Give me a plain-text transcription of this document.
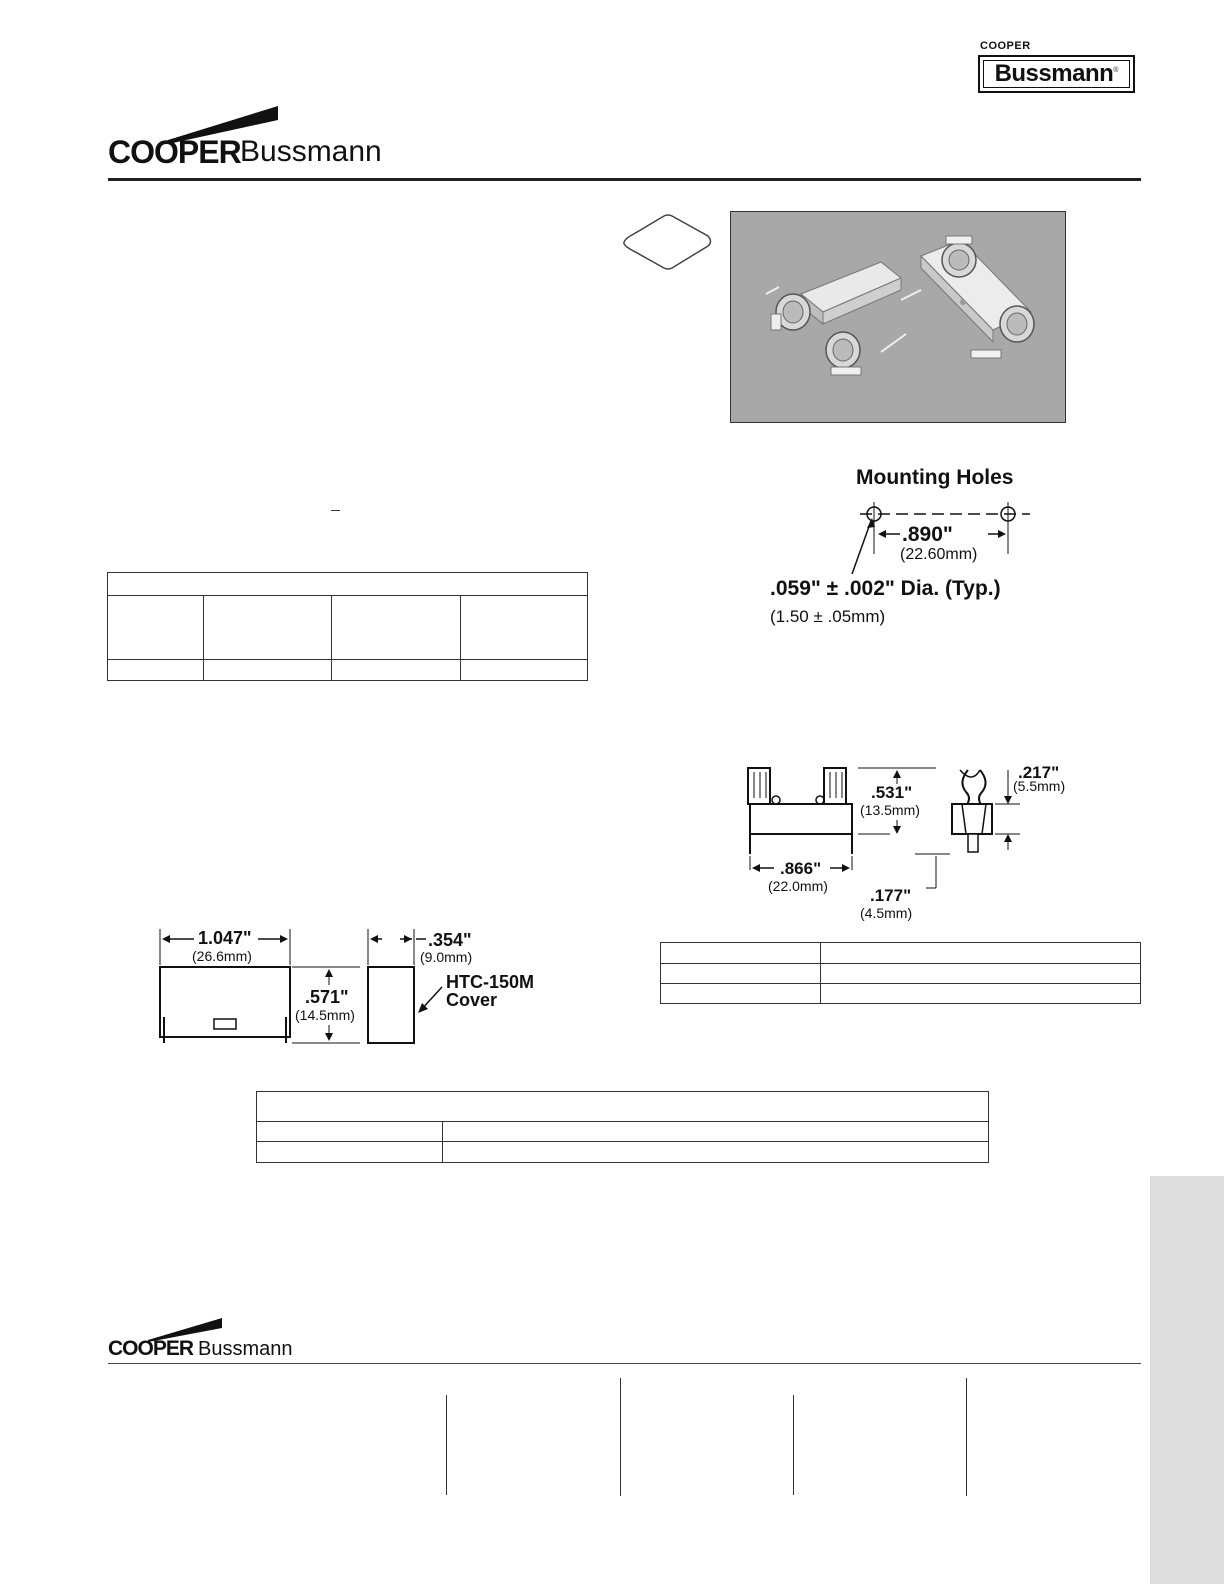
COOPER
Bussmann ®
COOPER Bussmann
Mounting Holes
.890"
(22.60mm)
.059" ± .002" Dia. (Typ.)
(1.50 ± .05mm)

.531"
(13.5mm)
.866"
(22.0mm)
.217"
(5.5mm)
.177"
(4.5mm)

1.047"
(26.6mm)
.571"
(14.5mm)
.354"
(9.0mm)
HTC-150M
Cover

COOPER Bussmann
